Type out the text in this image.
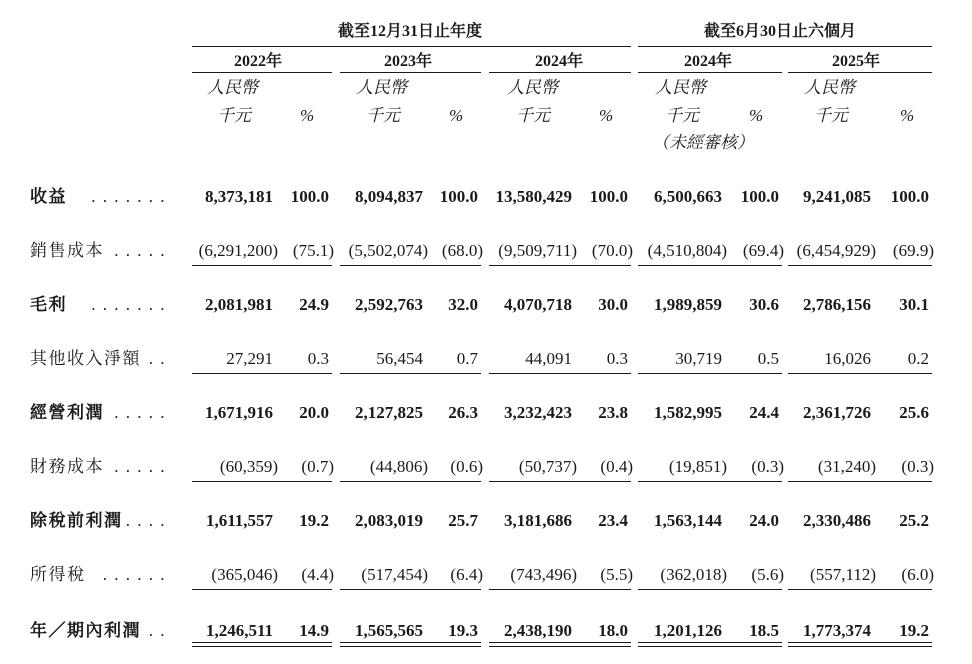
截至12月31日止年度	截至6月30日止六個月
2022年
人民幣
千元	%
2023年
人民幣
千元	%
2024年
人民幣
千元	%
2024年
人民幣
千元	%
2025年
人民幣
千元	%
（未經審核）
收益 . . . . . . . 8,373,181 100.0 8,094,837 100.0 13,580,429 100.0 6,500,663 100.0 9,241,085 100.0
銷售成本 . . . . . (6,291,200) (75.1) (5,502,074) (68.0) (9,509,711) (70.0) (4,510,804) (69.4) (6,454,929) (69.9)
毛利 . . . . . . . 2,081,981 24.9 2,592,763 32.0 4,070,718 30.0 1,989,859 30.6 2,786,156 30.1
其他收入淨額 . .	27,291 0.3	56,454 0.7	44,091 0.3	30,719 0.5	16,026 0.2
經營利潤 . . . . . 1,671,916 20.0 2,127,825 26.3 3,232,423 23.8 1,582,995 24.4 2,361,726 25.6
財務成本 . . . . .	(60,359) (0.7) (44,806) (0.6) (50,737) (0.4) (19,851) (0.3) (31,240) (0.3)
除稅前利潤 . . . . 1,611,557 19.2 2,083,019 25.7 3,181,686 23.4 1,563,144 24.0 2,330,486 25.2
所得稅 . . . . . .	(365,046) (4.4) (517,454) (6.4) (743,496) (5.5) (362,018) (5.6) (557,112) (6.0)
年／期內利潤 . . 1,246,511 14.9 1,565,565 19.3 2,438,190 18.0 1,201,126 18.5 1,773,374 19.2
